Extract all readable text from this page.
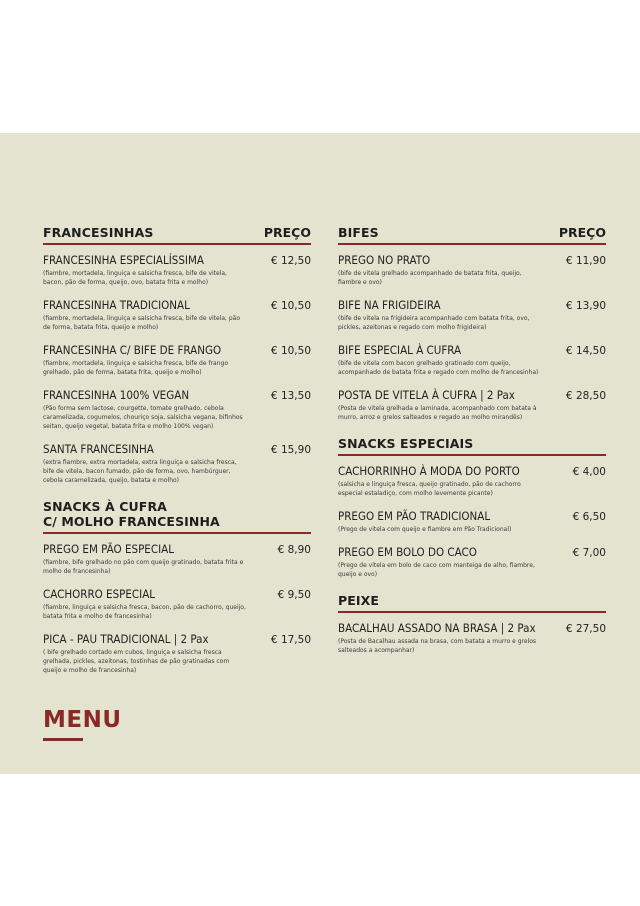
FRANCESINHAS	PREÇO
FRANCESINHA ESPECIALÍSSIMA	€ 12,50
(fiambre, mortadela, linguiça e salsicha fresca, bife de vitela, bacon, pão de forma, queijo, ovo, batata frita e molho)
FRANCESINHA TRADICIONAL	€ 10,50
(fiambre, mortadela, linguiça e salsicha fresca, bife de vitela, pão de forma, batata frita, queijo e molho)
FRANCESINHA C/ BIFE DE FRANGO	€ 10,50
(fiambre, mortadela, linguiça e salsicha fresca, bife de frango grelhado, pão de forma, batata frita, queijo e molho)
FRANCESINHA 100% VEGAN	€ 13,50
(Pão forma sem lactose, courgette, tomate grelhado, cebola caramelizada, cogumelos, chouriço soja, salsicha vegana, bifinhos seitan, queijo vegetal, batata frita e molho 100% vegan)
SANTA FRANCESINHA	€ 15,90
(extra fiambre, extra mortadela, extra linguiça e salsicha fresca, bife de vitela, bacon fumado, pão de forma, ovo, hambúrguer, cebola caramelizada, queijo, batata e molho)
SNACKS À CUFRA
C/ MOLHO FRANCESINHA
PREGO EM PÃO ESPECIAL	€ 8,90
(fiambre, bife grelhado no pão com queijo gratinado, batata frita e molho de francesinha)
CACHORRO ESPECIAL	€ 9,50
(fiambre, linguiça e salsicha fresca, bacon, pão de cachorro, queijo, batata frita e molho de francesinha)
PICA - PAU TRADICIONAL | 2 Pax	€ 17,50
( bife grelhado cortado em cubos, linguiça e salsicha fresca grelhada, pickles, azeitonas, tostinhas de pão gratinadas com queijo e molho de francesinha)
BIFES	PREÇO
PREGO NO PRATO	€ 11,90
(bife de vitela grelhado acompanhado de batata frita, queijo, fiambre e ovo)
BIFE NA FRIGIDEIRA	€ 13,90
(bife de vitela na frigideira acompanhado com batata frita, ovo, pickles, azeitonas e regado com molho frigideira)
BIFE ESPECIAL À CUFRA	€ 14,50
(bife de vitela com bacon grelhado gratinado com queijo, acompanhado de batata frita e regado com molho de francesinha)
POSTA DE VITELA À CUFRA | 2 Pax	€ 28,50
(Posta de vitela grelhada e laminada, acompanhado com batata à murro, arroz e grelos salteados e regado ao molho mirandês)
SNACKS ESPECIAIS
CACHORRINHO À MODA DO PORTO	€ 4,00
(salsicha e linguiça fresca, queijo gratinado, pão de cachorro especial estaladiço, com molho levemente picante)
PREGO EM PÃO TRADICIONAL	€ 6,50
(Prego de vitela com queijo e fiambre em Pão Tradicional)
PREGO EM BOLO DO CACO	€ 7,00
(Prego de vitela em bolo de caco com manteiga de alho, fiambre, queijo e ovo)
PEIXE
BACALHAU ASSADO NA BRASA | 2 Pax	€ 27,50
(Posta de Bacalhau assada na brasa, com batata a murro e grelos salteados a acompanhar)
MENU
